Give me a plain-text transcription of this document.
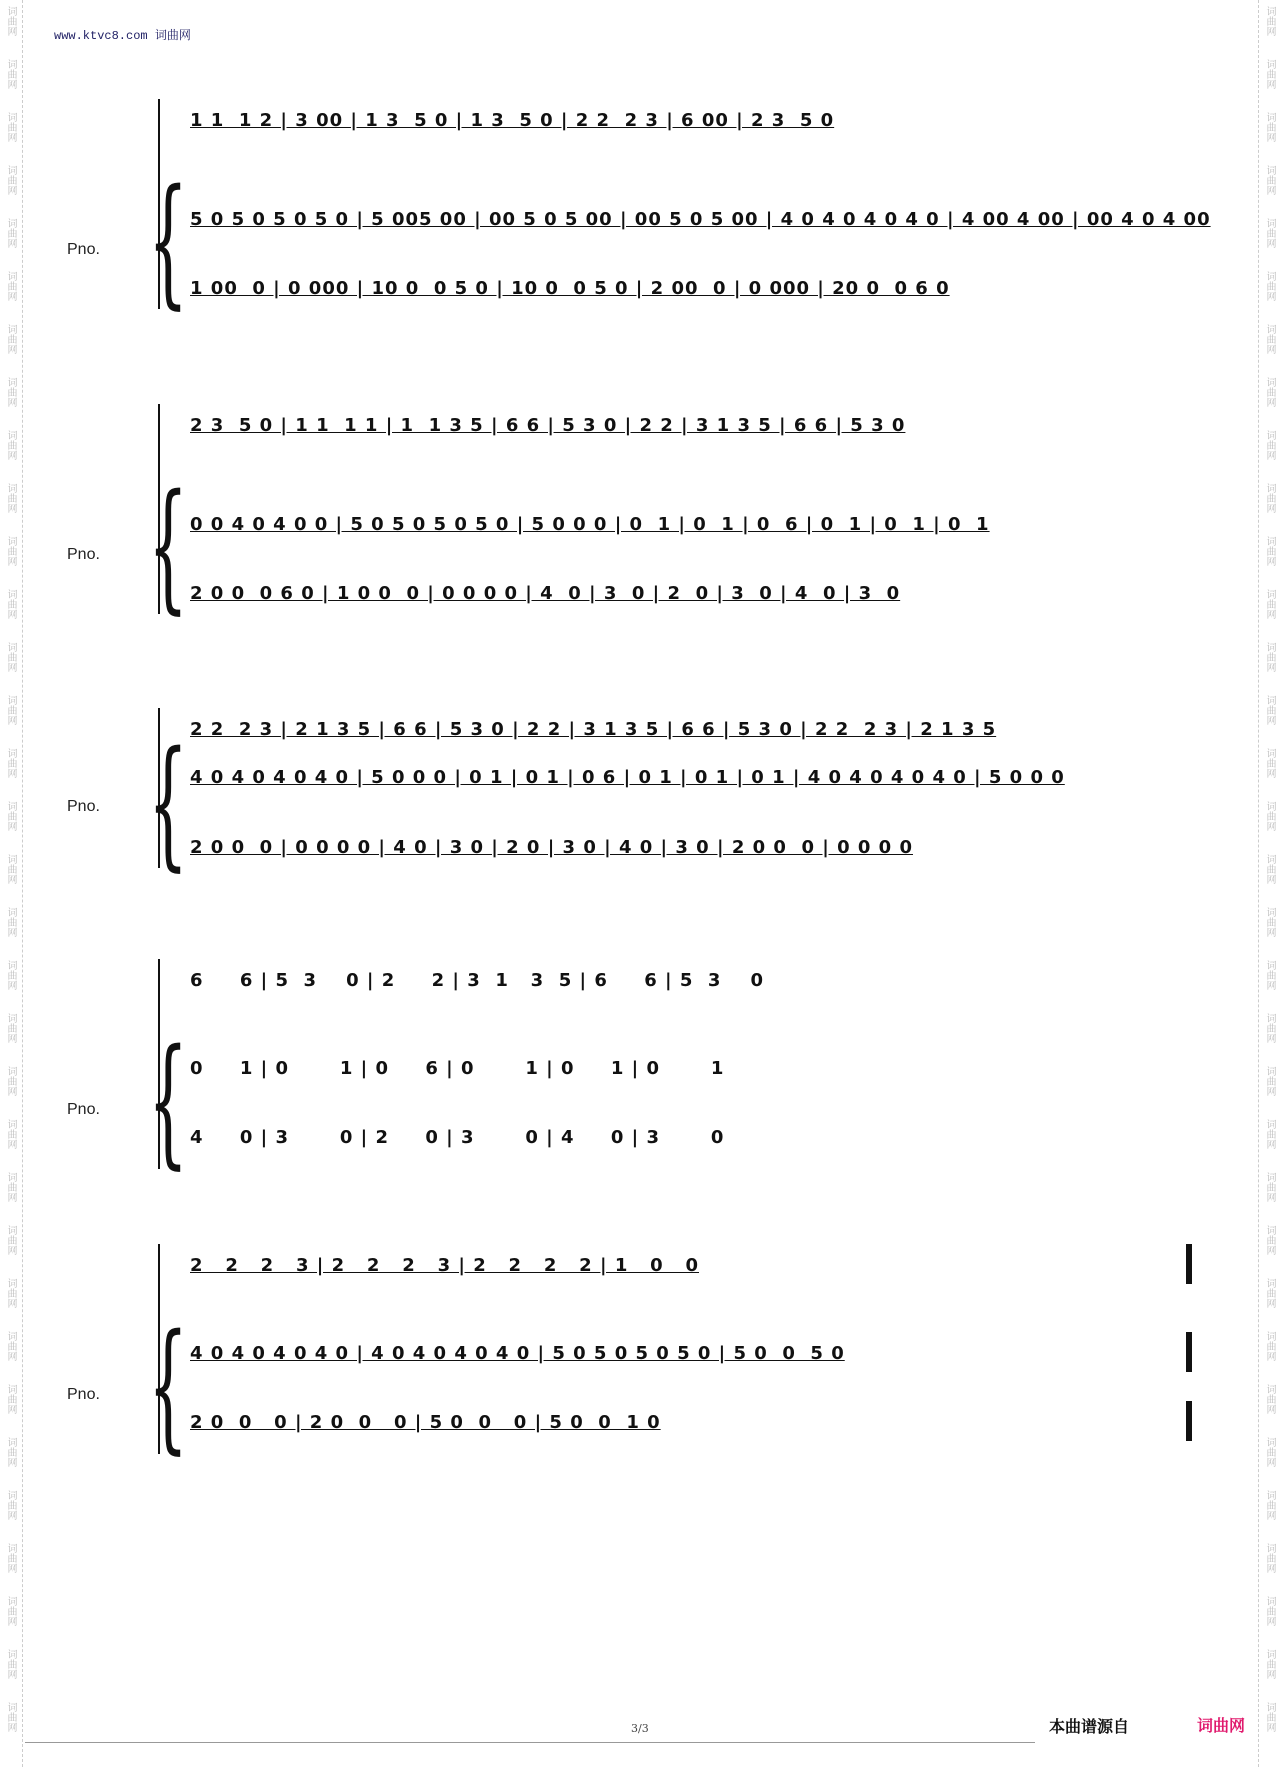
词曲网
词曲网
词曲网
词曲网
词曲网
词曲网
词曲网
词曲网
词曲网
词曲网
词曲网
词曲网
词曲网
词曲网
词曲网
词曲网
词曲网
词曲网
词曲网
词曲网
词曲网
词曲网
词曲网
词曲网
词曲网
词曲网
词曲网
词曲网
词曲网
词曲网
词曲网
词曲网
词曲网
词曲网
词曲网
词曲网
词曲网
词曲网
词曲网
词曲网
词曲网
词曲网
词曲网
词曲网
词曲网
词曲网
词曲网
词曲网
词曲网
词曲网
词曲网
词曲网
词曲网
词曲网
词曲网
词曲网
词曲网
词曲网
词曲网
词曲网
词曲网
词曲网
词曲网
词曲网
词曲网
词曲网
www.ktvc8.com 词曲网
{
Pno.
1 1  1 2 | 3 00 | 1 3  5 0 | 1 3  5 0 | 2 2  2 3 | 6 00 | 2 3  5 0
5 0 5 0 5 0 5 0 | 5 005 00 | 00 5 0 5 00 | 00 5 0 5 00 | 4 0 4 0 4 0 4 0 | 4 00 4 00 | 00 4 0 4 00
1 00  0 | 0 000 | 10 0  0 5 0 | 10 0  0 5 0 | 2 00  0 | 0 000 | 20 0  0 6 0
{
Pno.
2 3  5 0 | 1 1  1 1 | 1  1 3 5 | 6 6 | 5 3 0 | 2 2 | 3 1 3 5 | 6 6 | 5 3 0
0 0 4 0 4 0 0 | 5 0 5 0 5 0 5 0 | 5 0 0 0 | 0  1 | 0  1 | 0  6 | 0  1 | 0  1 | 0  1
2 0 0  0 6 0 | 1 0 0  0 | 0 0 0 0 | 4  0 | 3  0 | 2  0 | 3  0 | 4  0 | 3  0
{
Pno.
2 2  2 3 | 2 1 3 5 | 6 6 | 5 3 0 | 2 2 | 3 1 3 5 | 6 6 | 5 3 0 | 2 2  2 3 | 2 1 3 5
4 0 4 0 4 0 4 0 | 5 0 0 0 | 0 1 | 0 1 | 0 6 | 0 1 | 0 1 | 0 1 | 4 0 4 0 4 0 4 0 | 5 0 0 0
2 0 0  0 | 0 0 0 0 | 4 0 | 3 0 | 2 0 | 3 0 | 4 0 | 3 0 | 2 0 0  0 | 0 0 0 0
{
Pno.
6     6 | 5  3    0 | 2     2 | 3  1   3  5 | 6     6 | 5  3    0
0     1 | 0       1 | 0     6 | 0       1 | 0     1 | 0       1
4     0 | 3       0 | 2     0 | 3       0 | 4     0 | 3       0
{
Pno.
2   2   2   3 | 2   2   2   3 | 2   2   2   2 | 1   0   0
4 0 4 0 4 0 4 0 | 4 0 4 0 4 0 4 0 | 5 0 5 0 5 0 5 0 | 5 0  0  5 0
2 0  0   0 | 2 0  0   0 | 5 0  0   0 | 5 0  0  1 0
3/3	本曲谱源自	词曲网
